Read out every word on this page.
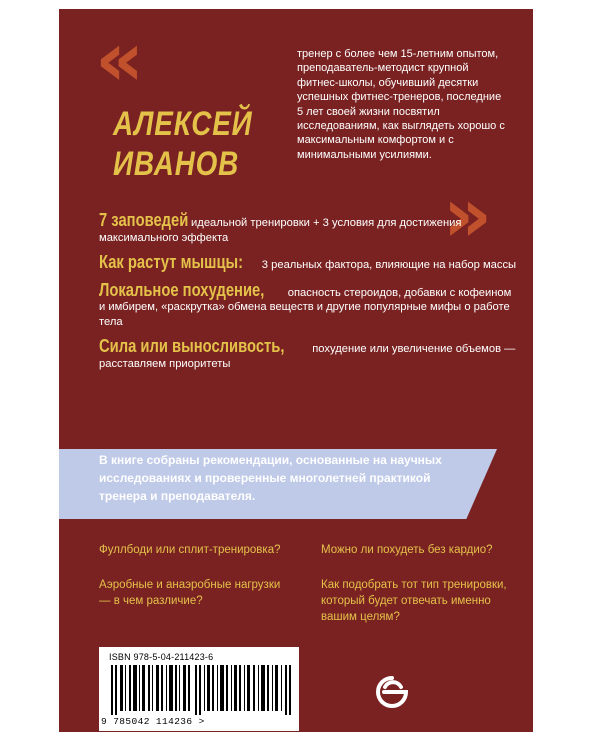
«
»
АЛЕКСЕЙ
ИВАНОВ
тренер с более чем 15-летним опытом, преподаватель-методист крупной фитнес-школы, обучивший десятки успешных фитнес-тренеров, последние 5 лет своей жизни посвятил исследованиям, как выглядеть хорошо с максимальным комфортом и с минимальными усилиями.
7 заповедей идеальной тренировки + 3 условия для достижения максимального эффекта
Как растут мышцы: 3 реальных фактора, влияющие на набор массы
Локальное похудение, опасность стероидов, добавки с кофеином и имбирем, «раскрутка» обмена веществ и другие популярные мифы о работе тела
Сила или выносливость, похудение или увеличение объемов — расставляем приоритеты
В книге собраны рекомендации, основанные на научных исследованиях и проверенные многолетней практикой тренера и преподавателя.
Фуллбоди или сплит-тренировка?
Аэробные и анаэробные нагрузки — в чем различие?
Можно ли похудеть без кардио?
Как подобрать тот тип тренировки, который будет отвечать именно вашим целям?
ISBN 978-5-04-211423-6
9 785042 114236 >
